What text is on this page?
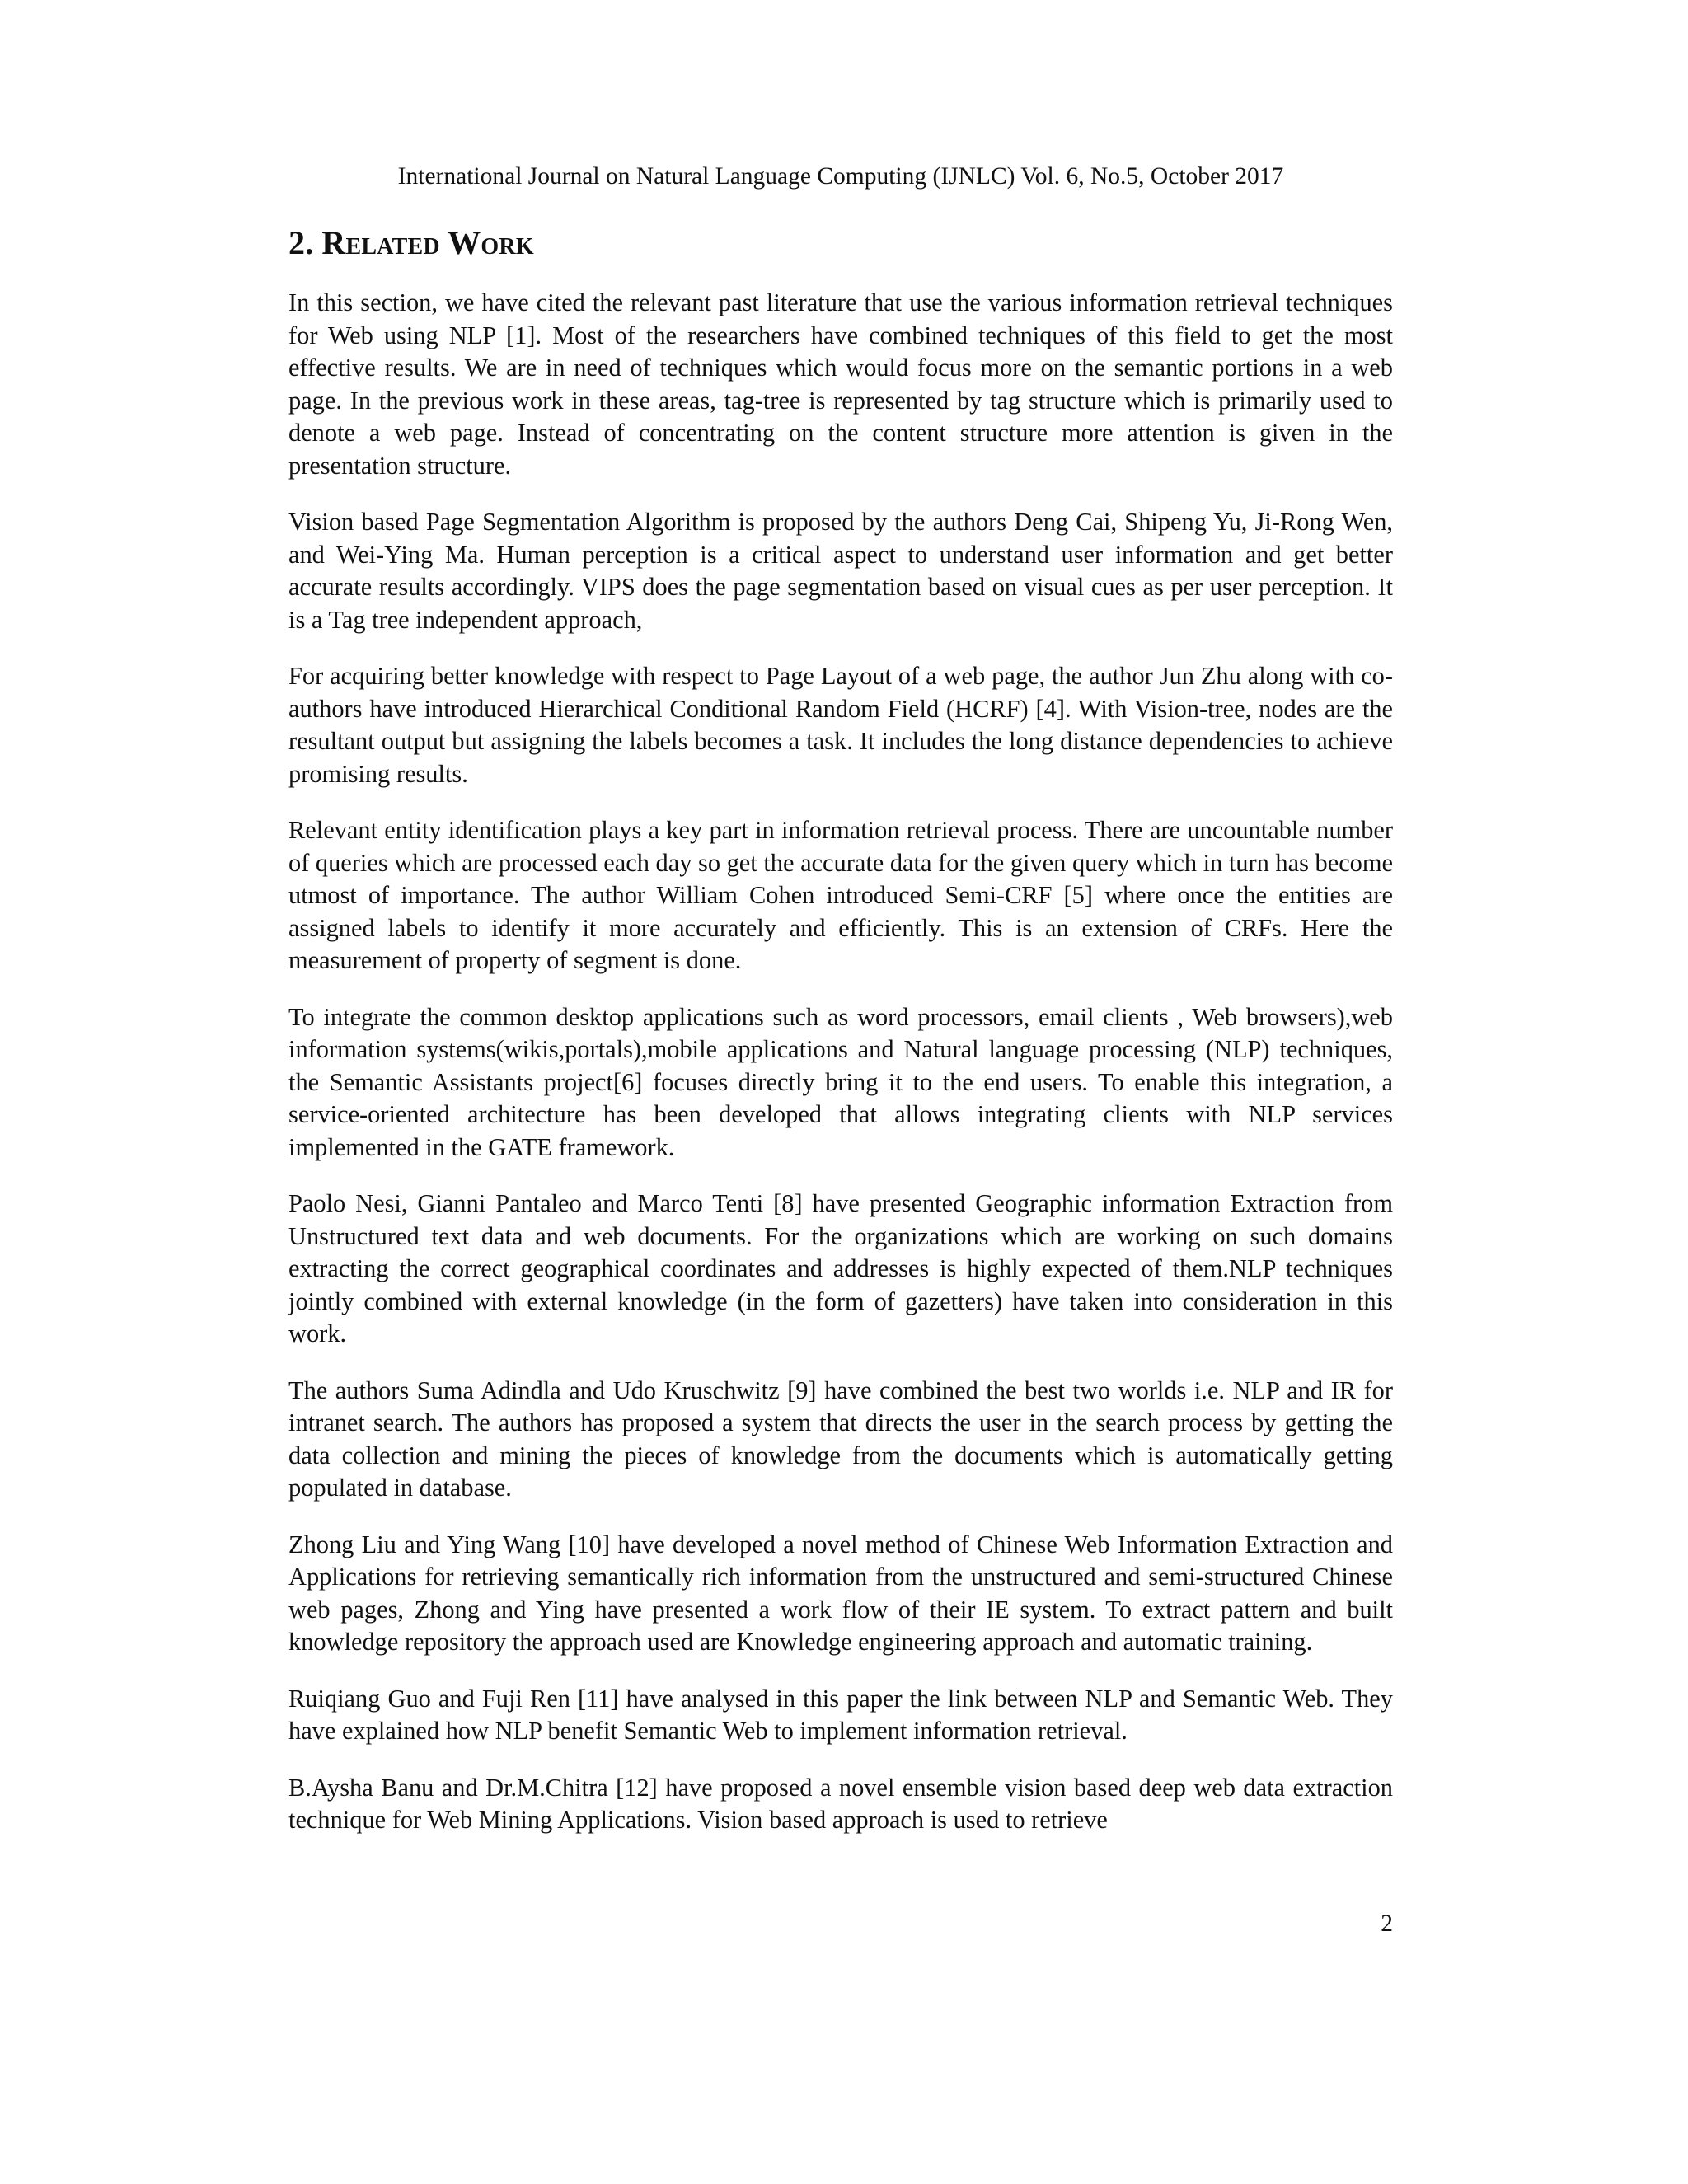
International Journal on Natural Language Computing (IJNLC) Vol. 6, No.5, October 2017
2. Related Work

In this section, we have cited the relevant past literature that use the various information retrieval techniques for Web using NLP [1]. Most of the researchers have combined techniques of this field to get the most effective results. We are in need of techniques which would focus more on the semantic portions in a web page. In the previous work in these areas, tag-tree is represented by tag structure which is primarily used to denote a web page. Instead of concentrating on the content structure more attention is given in the presentation structure.

Vision based Page Segmentation Algorithm is proposed by the authors Deng Cai, Shipeng Yu, Ji-Rong Wen, and Wei-Ying Ma. Human perception is a critical aspect to understand user information and get better accurate results accordingly. VIPS does the page segmentation based on visual cues as per user perception. It is a Tag tree independent approach,

For acquiring better knowledge with respect to Page Layout of a web page, the author Jun Zhu along with co-authors have introduced Hierarchical Conditional Random Field (HCRF) [4]. With Vision-tree, nodes are the resultant output but assigning the labels becomes a task. It includes the long distance dependencies to achieve promising results.

Relevant entity identification plays a key part in information retrieval process. There are uncountable number of queries which are processed each day so get the accurate data for the given query which in turn has become utmost of importance. The author William Cohen introduced Semi-CRF [5] where once the entities are assigned labels to identify it more accurately and efficiently. This is an extension of CRFs. Here the measurement of property of segment is done.

To integrate the common desktop applications such as word processors, email clients , Web browsers),web information systems(wikis,portals),mobile applications and Natural language processing (NLP) techniques, the Semantic Assistants project[6] focuses directly bring it to the end users. To enable this integration, a service-oriented architecture has been developed that allows integrating clients with NLP services implemented in the GATE framework.

Paolo Nesi, Gianni Pantaleo and Marco Tenti [8] have presented Geographic information Extraction from Unstructured text data and web documents. For the organizations which are working on such domains extracting the correct geographical coordinates and addresses is highly expected of them.NLP techniques jointly combined with external knowledge (in the form of gazetters) have taken into consideration in this work.

The authors Suma Adindla and Udo Kruschwitz [9] have combined the best two worlds i.e. NLP and IR for intranet search. The authors has proposed a system that directs the user in the search process by getting the data collection and mining the pieces of knowledge from the documents which is automatically getting populated in database.

Zhong Liu and Ying Wang [10] have developed a novel method of Chinese Web Information Extraction and Applications for retrieving semantically rich information from the unstructured and semi-structured Chinese web pages, Zhong and Ying have presented a work flow of their IE system. To extract pattern and built knowledge repository the approach used are Knowledge engineering approach and automatic training.

Ruiqiang Guo and Fuji Ren [11] have analysed in this paper the link between NLP and Semantic Web. They have explained how NLP benefit Semantic Web to implement information retrieval.

B.Aysha Banu and Dr.M.Chitra [12] have proposed a novel ensemble vision based deep web data extraction technique for Web Mining Applications. Vision based approach is used to retrieve

2
